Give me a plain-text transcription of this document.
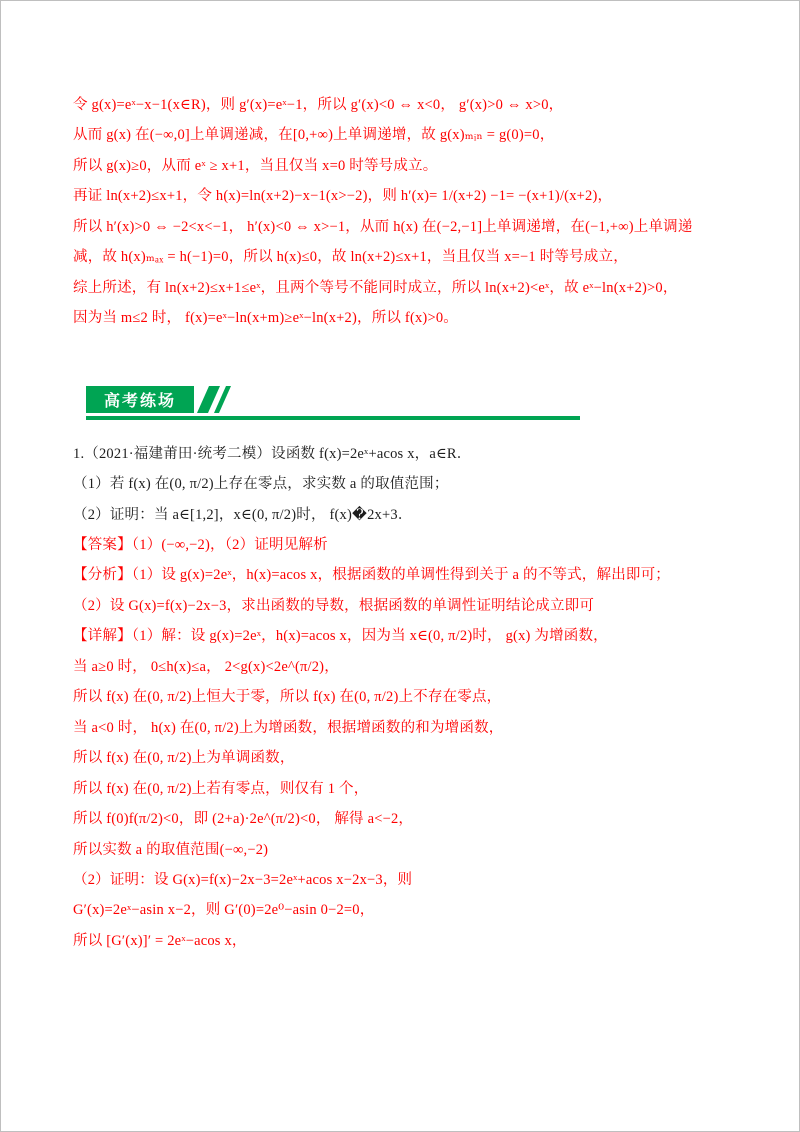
令 g(x)=eˣ−x−1(x∈R)，则 g′(x)=eˣ−1，所以 g′(x)<0 ⇔ x<0， g′(x)>0 ⇔ x>0，

从而 g(x) 在(−∞,0]上单调递减，在[0,+∞)上单调递增，故 g(x)ₘᵢₙ = g(0)=0，

所以 g(x)≥0，从而 eˣ ≥ x+1，当且仅当 x=0 时等号成立。

再证 ln(x+2)≤x+1，令 h(x)=ln(x+2)−x−1(x>−2)，则 h′(x)= 1/(x+2) −1= −(x+1)/(x+2)，

所以 h′(x)>0 ⇔ −2<x<−1， h′(x)<0 ⇔ x>−1，从而 h(x) 在(−2,−1]上单调递增，在(−1,+∞)上单调递

减，故 h(x)ₘₐₓ = h(−1)=0，所以 h(x)≤0，故 ln(x+2)≤x+1，当且仅当 x=−1 时等号成立，

综上所述，有 ln(x+2)≤x+1≤eˣ，且两个等号不能同时成立，所以 ln(x+2)<eˣ，故 eˣ−ln(x+2)>0，

因为当 m≤2 时， f(x)=eˣ−ln(x+m)≥eˣ−ln(x+2)，所以 f(x)>0。

高考练场

1.（2021·福建莆田·统考二模）设函数 f(x)=2eˣ+acos x，a∈R．

（1）若 f(x) 在(0, π/2)上存在零点，求实数 a 的取值范围；

（2）证明：当 a∈[1,2]，x∈(0, π/2)时， f(x)�2x+3．

【答案】（1）(−∞,−2)，（2）证明见解析

【分析】（1）设 g(x)=2eˣ，h(x)=acos x，根据函数的单调性得到关于 a 的不等式，解出即可；

（2）设 G(x)=f(x)−2x−3，求出函数的导数，根据函数的单调性证明结论成立即可

【详解】（1）解：设 g(x)=2eˣ，h(x)=acos x，因为当 x∈(0, π/2)时， g(x) 为增函数，

当 a≥0 时， 0≤h(x)≤a， 2<g(x)<2e^(π/2)，

所以 f(x) 在(0, π/2)上恒大于零，所以 f(x) 在(0, π/2)上不存在零点，

当 a<0 时， h(x) 在(0, π/2)上为增函数，根据增函数的和为增函数，

所以 f(x) 在(0, π/2)上为单调函数，

所以 f(x) 在(0, π/2)上若有零点，则仅有 1 个，

所以 f(0)f(π/2)<0，即 (2+a)·2e^(π/2)<0， 解得 a<−2，

所以实数 a 的取值范围(−∞,−2)

（2）证明：设 G(x)=f(x)−2x−3=2eˣ+acos x−2x−3，则

G′(x)=2eˣ−asin x−2，则 G′(0)=2e⁰−asin 0−2=0，

所以 [G′(x)]′ = 2eˣ−acos x，
